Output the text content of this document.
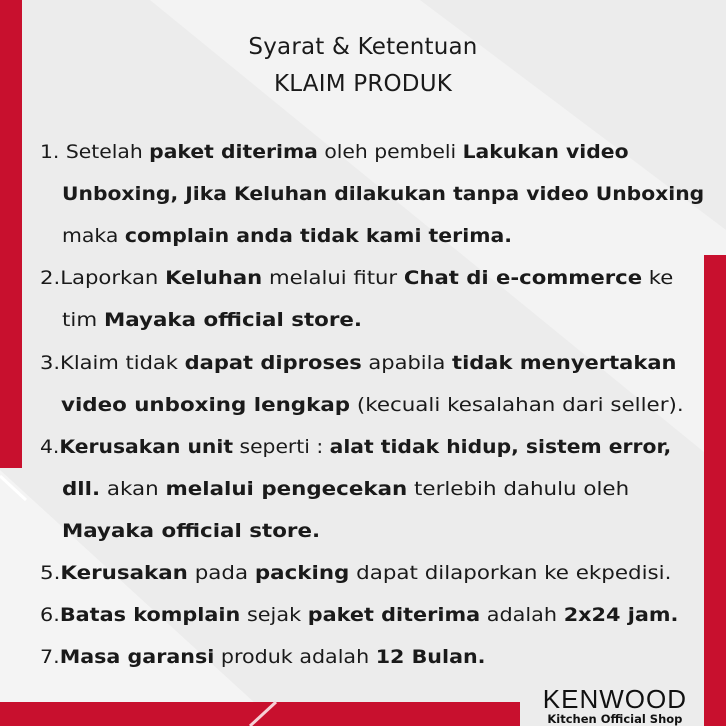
Syarat & Ketentuan
KLAIM PRODUK
1. Setelah paket diterima oleh pembeli Lakukan video
Unboxing, Jika Keluhan dilakukan tanpa video Unboxing
maka complain anda tidak kami terima.
2.Laporkan Keluhan melalui fitur Chat di e-commerce ke
tim Mayaka official store.
3.Klaim tidak dapat diproses apabila tidak menyertakan
video unboxing lengkap (kecuali kesalahan dari seller).
4.Kerusakan unit seperti : alat tidak hidup, sistem error,
dll. akan melalui pengecekan terlebih dahulu oleh
Mayaka official store.
5.Kerusakan pada packing dapat dilaporkan ke ekpedisi.
6.Batas komplain sejak paket diterima adalah 2x24 jam.
7.Masa garansi produk adalah 12 Bulan.
KENWOOD
Kitchen Official Shop
